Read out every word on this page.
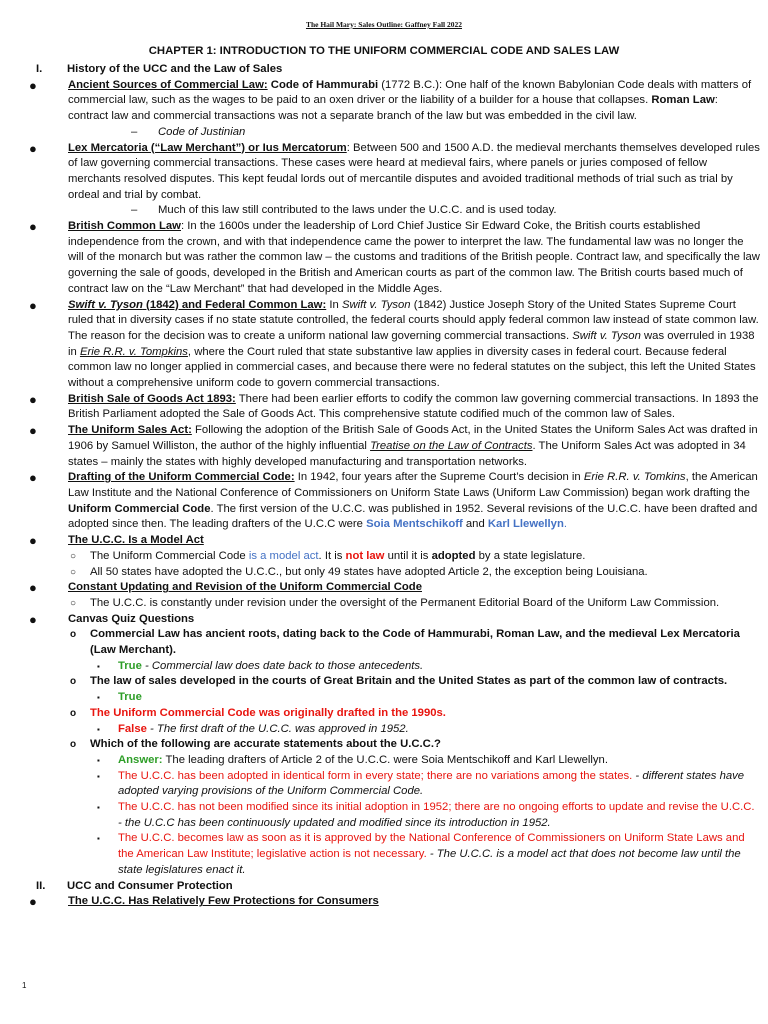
The Hail Mary: Sales Outline: Gaffney Fall 2022
CHAPTER 1: INTRODUCTION TO THE UNIFORM COMMERCIAL CODE AND SALES LAW
I. History of the UCC and the Law of Sales
●	Ancient Sources of Commercial Law: Code of Hammurabi (1772 B.C.): One half of the known Babylonian Code deals with matters of commercial law, such as the wages to be paid to an oxen driver or the liability of a builder for a house that collapses. Roman Law: contract law and commercial transactions was not a separate branch of the law but was embedded in the civil law.
– Code of Justinian
●	Lex Mercatoria (“Law Merchant”) or Ius Mercatorum: Between 500 and 1500 A.D. the medieval merchants themselves developed rules of law governing commercial transactions. These cases were heard at medieval fairs, where panels or juries composed of fellow merchants resolved disputes. This kept feudal lords out of mercantile disputes and avoided traditional methods of trial such as trial by ordeal and trial by combat.
– Much of this law still contributed to the laws under the U.C.C. and is used today.
●	British Common Law: In the 1600s under the leadership of Lord Chief Justice Sir Edward Coke, the British courts established independence from the crown, and with that independence came the power to interpret the law. The fundamental law was no longer the will of the monarch but was rather the common law – the customs and traditions of the British people. Contract law, and specifically the law governing the sale of goods, developed in the British and American courts as part of the common law. The British courts based much of contract law on the “Law Merchant” that had developed in the Middle Ages.
●	Swift v. Tyson (1842) and Federal Common Law: In Swift v. Tyson (1842) Justice Joseph Story of the United States Supreme Court ruled that in diversity cases if no state statute controlled, the federal courts should apply federal common law instead of state common law. The reason for the decision was to create a uniform national law governing commercial transactions. Swift v. Tyson was overruled in 1938 in Erie R.R. v. Tompkins, where the Court ruled that state substantive law applies in diversity cases in federal court. Because federal common law no longer applied in commercial cases, and because there were no federal statutes on the subject, this left the United States without a comprehensive uniform code to govern commercial transactions.
●	British Sale of Goods Act 1893: There had been earlier efforts to codify the common law governing commercial transactions. In 1893 the British Parliament adopted the Sale of Goods Act. This comprehensive statute codified much of the common law of Sales.
●	The Uniform Sales Act: Following the adoption of the British Sale of Goods Act, in the United States the Uniform Sales Act was drafted in 1906 by Samuel Williston, the author of the highly influential Treatise on the Law of Contracts. The Uniform Sales Act was adopted in 34 states – mainly the states with highly developed manufacturing and transportation networks.
●	Drafting of the Uniform Commercial Code: In 1942, four years after the Supreme Court’s decision in Erie R.R. v. Tomkins, the American Law Institute and the National Conference of Commissioners on Uniform State Laws (Uniform Law Commission) began work drafting the Uniform Commercial Code. The first version of the U.C.C. was published in 1952. Several revisions of the U.C.C. have been drafted and adopted since then. The leading drafters of the U.C.C were Soia Mentschikoff and Karl Llewellyn.
●	The U.C.C. Is a Model Act
○ The Uniform Commercial Code is a model act. It is not law until it is adopted by a state legislature.
○ All 50 states have adopted the U.C.C., but only 49 states have adopted Article 2, the exception being Louisiana.
●	Constant Updating and Revision of the Uniform Commercial Code
○ The U.C.C. is constantly under revision under the oversight of the Permanent Editorial Board of the Uniform Law Commission.
●	Canvas Quiz Questions
o Commercial Law has ancient roots, dating back to the Code of Hammurabi, Roman Law, and the medieval Lex Mercatoria (Law Merchant).
▪ True - Commercial law does date back to those antecedents.
o The law of sales developed in the courts of Great Britain and the United States as part of the common law of contracts.
▪ True
o The Uniform Commercial Code was originally drafted in the 1990s.
▪ False - The first draft of the U.C.C. was approved in 1952.
o Which of the following are accurate statements about the U.C.C.?
▪ Answer: The leading drafters of Article 2 of the U.C.C. were Soia Mentschikoff and Karl Llewellyn.
▪ The U.C.C. has been adopted in identical form in every state; there are no variations among the states. - different states have adopted varying provisions of the Uniform Commercial Code.
▪ The U.C.C. has not been modified since its initial adoption in 1952; there are no ongoing efforts to update and revise the U.C.C. - the U.C.C has been continuously updated and modified since its introduction in 1952.
▪ The U.C.C. becomes law as soon as it is approved by the National Conference of Commissioners on Uniform State Laws and the American Law Institute; legislative action is not necessary. - The U.C.C. is a model act that does not become law until the state legislatures enact it.
II. UCC and Consumer Protection
●	The U.C.C. Has Relatively Few Protections for Consumers
1
